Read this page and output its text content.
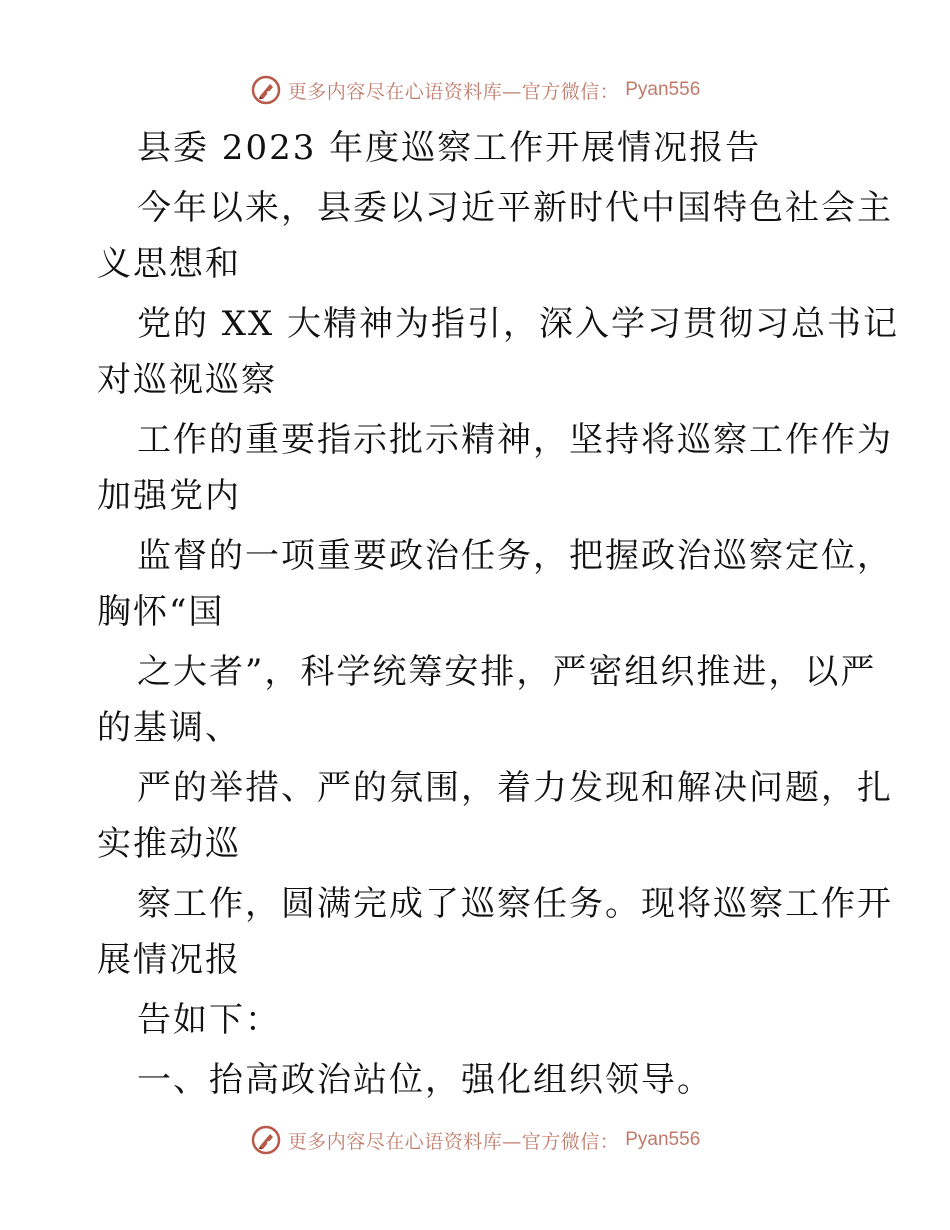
更多内容尽在心语资料库—官方微信： Pyan556
县委 2023 年度巡察工作开展情况报告
今年以来，县委以习近平新时代中国特色社会主
义思想和
党的 XX 大精神为指引，深入学习贯彻习总书记
对巡视巡察
工作的重要指示批示精神，坚持将巡察工作作为
加强党内
监督的一项重要政治任务，把握政治巡察定位，
胸怀“国
之大者”，科学统筹安排，严密组织推进，以严
的基调、
严的举措、严的氛围，着力发现和解决问题，扎
实推动巡
察工作，圆满完成了巡察任务。现将巡察工作开
展情况报
告如下：
一、抬高政治站位，强化组织领导。
更多内容尽在心语资料库—官方微信： Pyan556
